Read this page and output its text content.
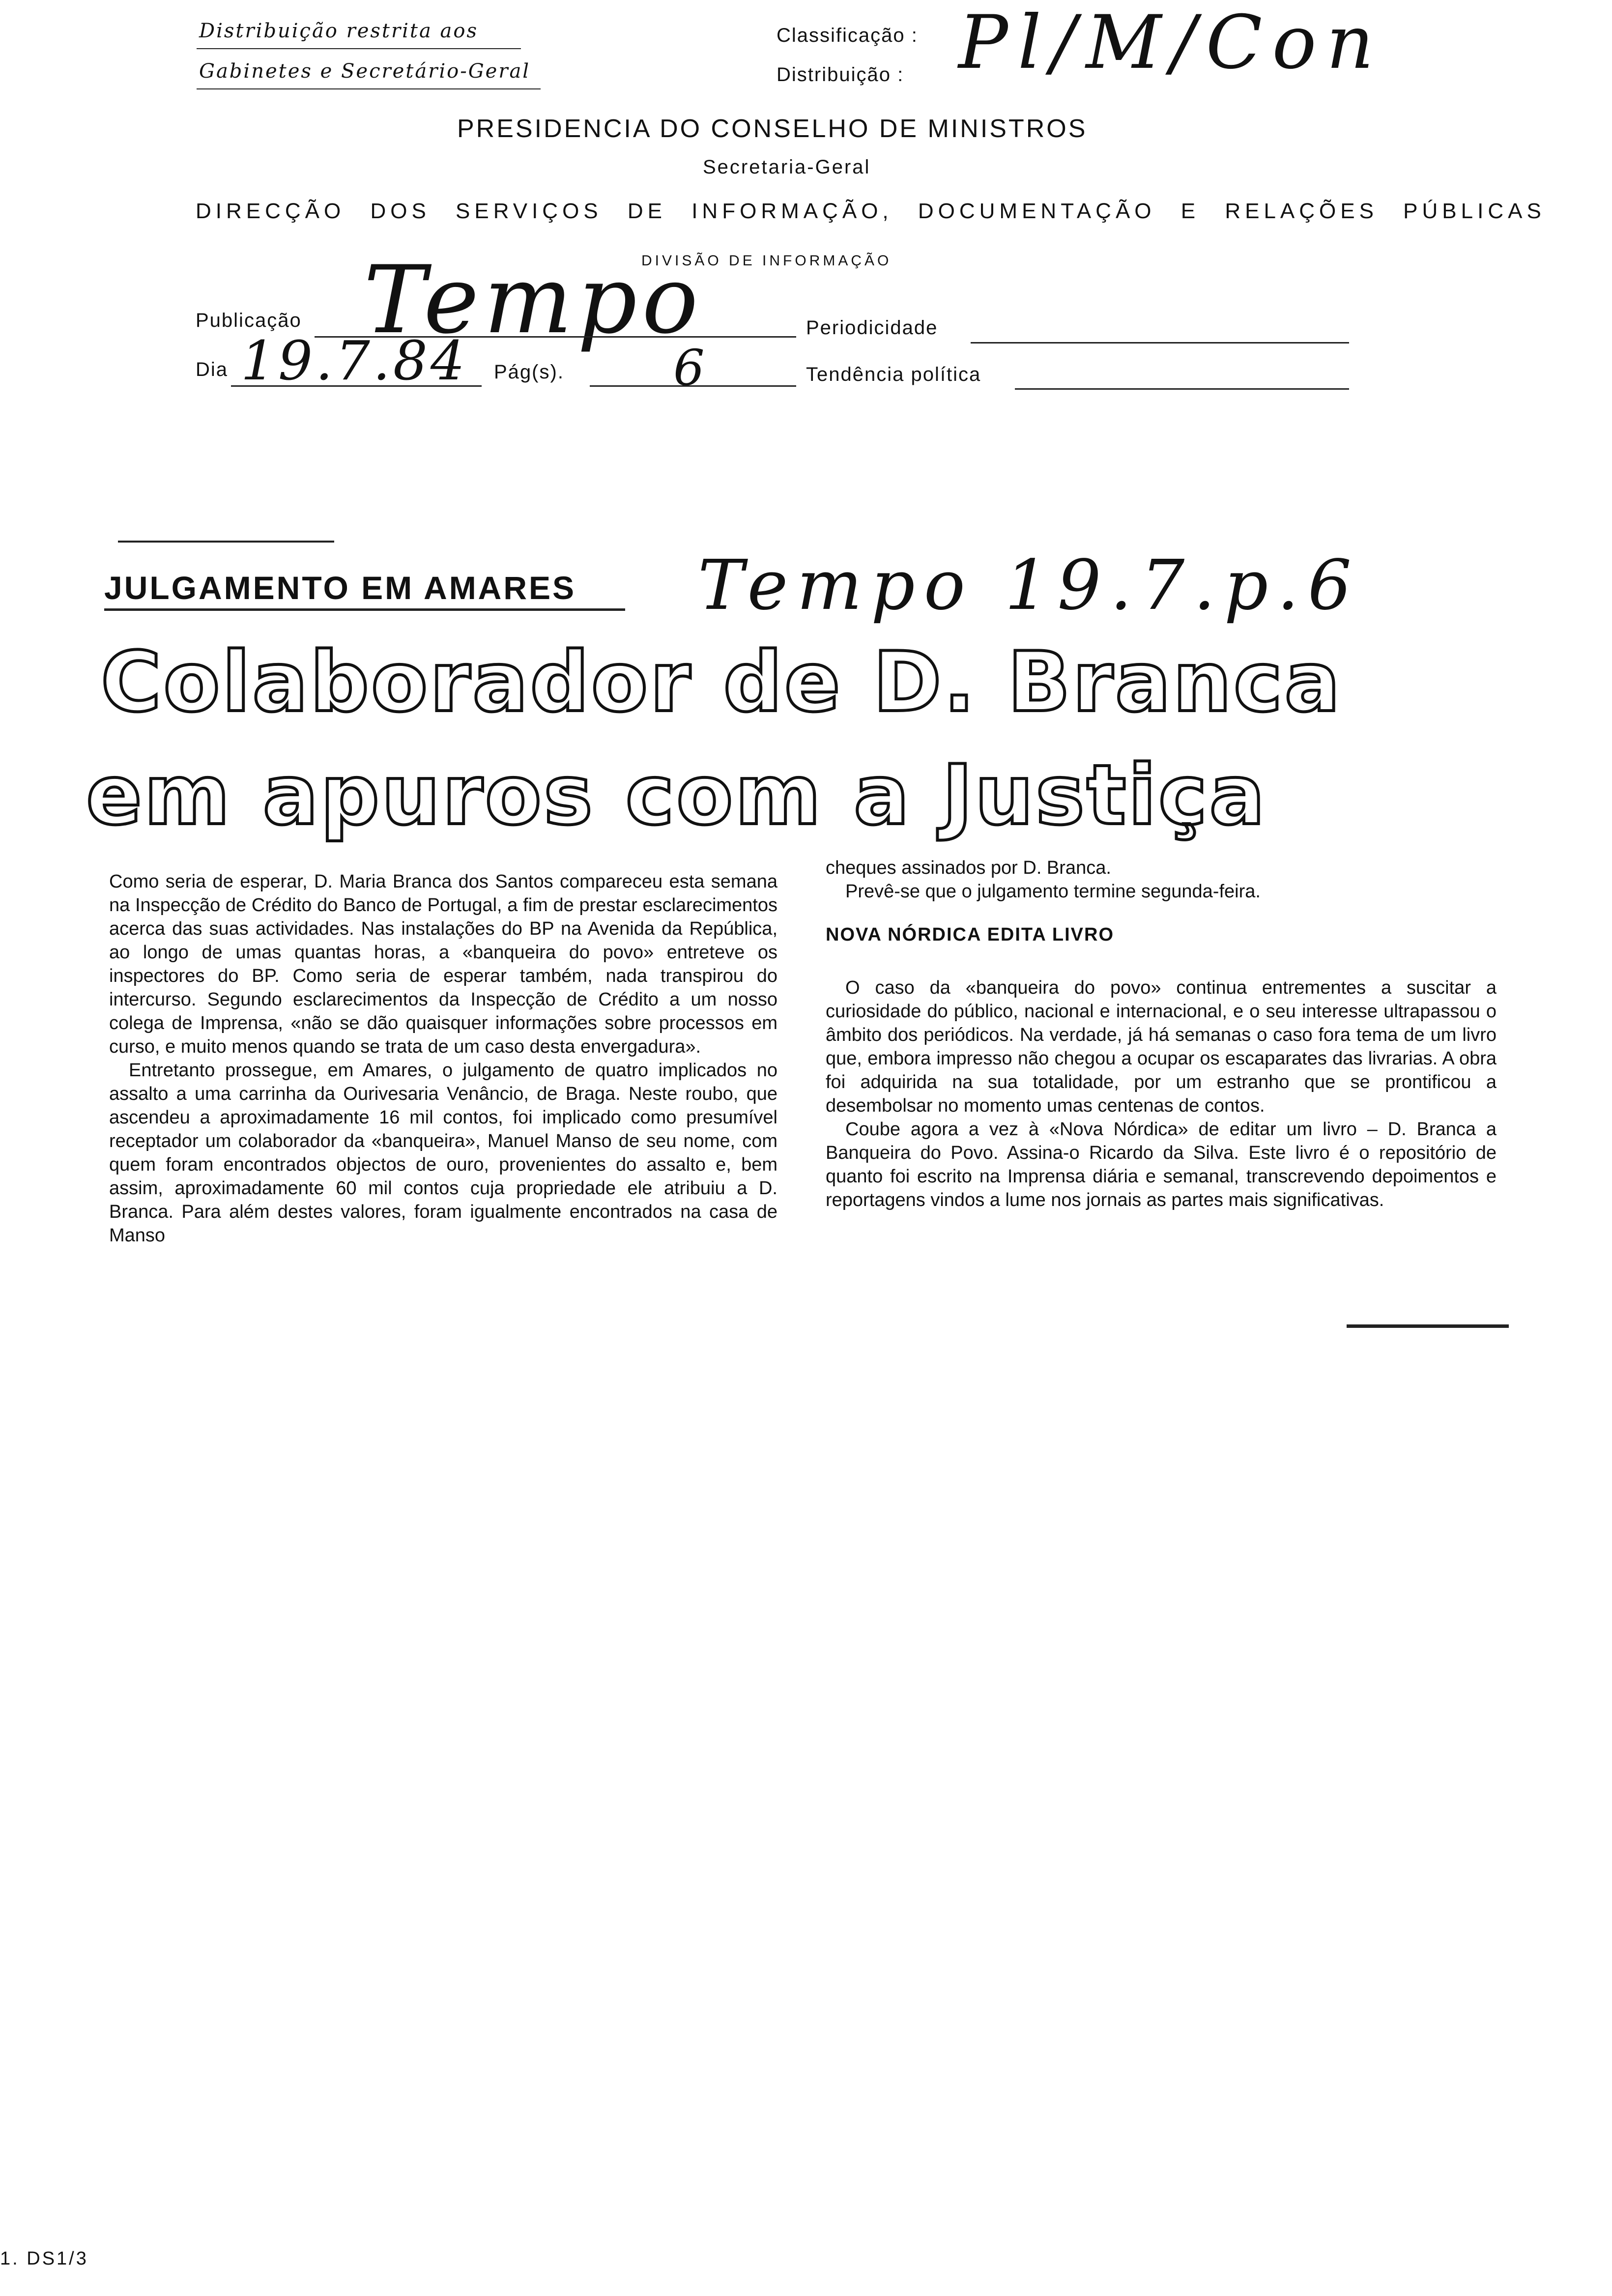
Distribuição restrita aos
Gabinetes e Secretário-Geral
Classificação :
Distribuição : Pl/M/Con
PRESIDENCIA DO CONSELHO DE MINISTROS
Secretaria-Geral
DIRECÇÃO DOS SERVIÇOS DE INFORMAÇÃO, DOCUMENTAÇÃO E RELAÇÕES PÚBLICAS
DIVISÃO DE INFORMAÇÃO
Publicação Tempo	Periodicidade
Dia 19.7.84 Pág(s). 6	Tendência política
JULGAMENTO EM AMARES Tempo 19.7.p.6
Colaborador de D. Branca
em apuros com a Justiça

Como seria de esperar, D. Maria Branca dos Santos compareceu esta semana na Inspecção de Crédito do Banco de Portugal, a fim de prestar esclarecimentos acerca das suas actividades. Nas instalações do BP na Avenida da República, ao longo de umas quantas horas, a «banqueira do povo» entreteve os inspectores do BP. Como seria de esperar também, nada transpirou do intercurso. Segundo esclarecimentos da Inspecção de Crédito a um nosso colega de Imprensa, «não se dão quaisquer informações sobre processos em curso, e muito menos quando se trata de um caso desta envergadura».

Entretanto prossegue, em Amares, o julgamento de quatro implicados no assalto a uma carrinha da Ourivesaria Venâncio, de Braga. Neste roubo, que ascendeu a aproximadamente 16 mil contos, foi implicado como presumível receptador um colaborador da «banqueira», Manuel Manso de seu nome, com quem foram encontrados objectos de ouro, provenientes do assalto e, bem assim, aproximadamente 60 mil contos cuja propriedade ele atribuiu a D. Branca. Para além destes valores, foram igualmente encontrados na casa de Manso

cheques assinados por D. Branca.

Prevê-se que o julgamento termine segunda-feira.

NOVA NÓRDICA EDITA LIVRO

O caso da «banqueira do povo» continua entrementes a suscitar a curiosidade do público, nacional e internacional, e o seu interesse ultrapassou o âmbito dos periódicos. Na verdade, já há semanas o caso fora tema de um livro que, embora impresso não chegou a ocupar os escaparates das livrarias. A obra foi adquirida na sua totalidade, por um estranho que se prontificou a desembolsar no momento umas centenas de contos.

Coube agora a vez à «Nova Nórdica» de editar um livro – D. Branca a Banqueira do Povo. Assina-o Ricardo da Silva. Este livro é o repositório de quanto foi escrito na Imprensa diária e semanal, transcrevendo depoimentos e reportagens vindos a lume nos jornais as partes mais significativas.

1. DS1/3
